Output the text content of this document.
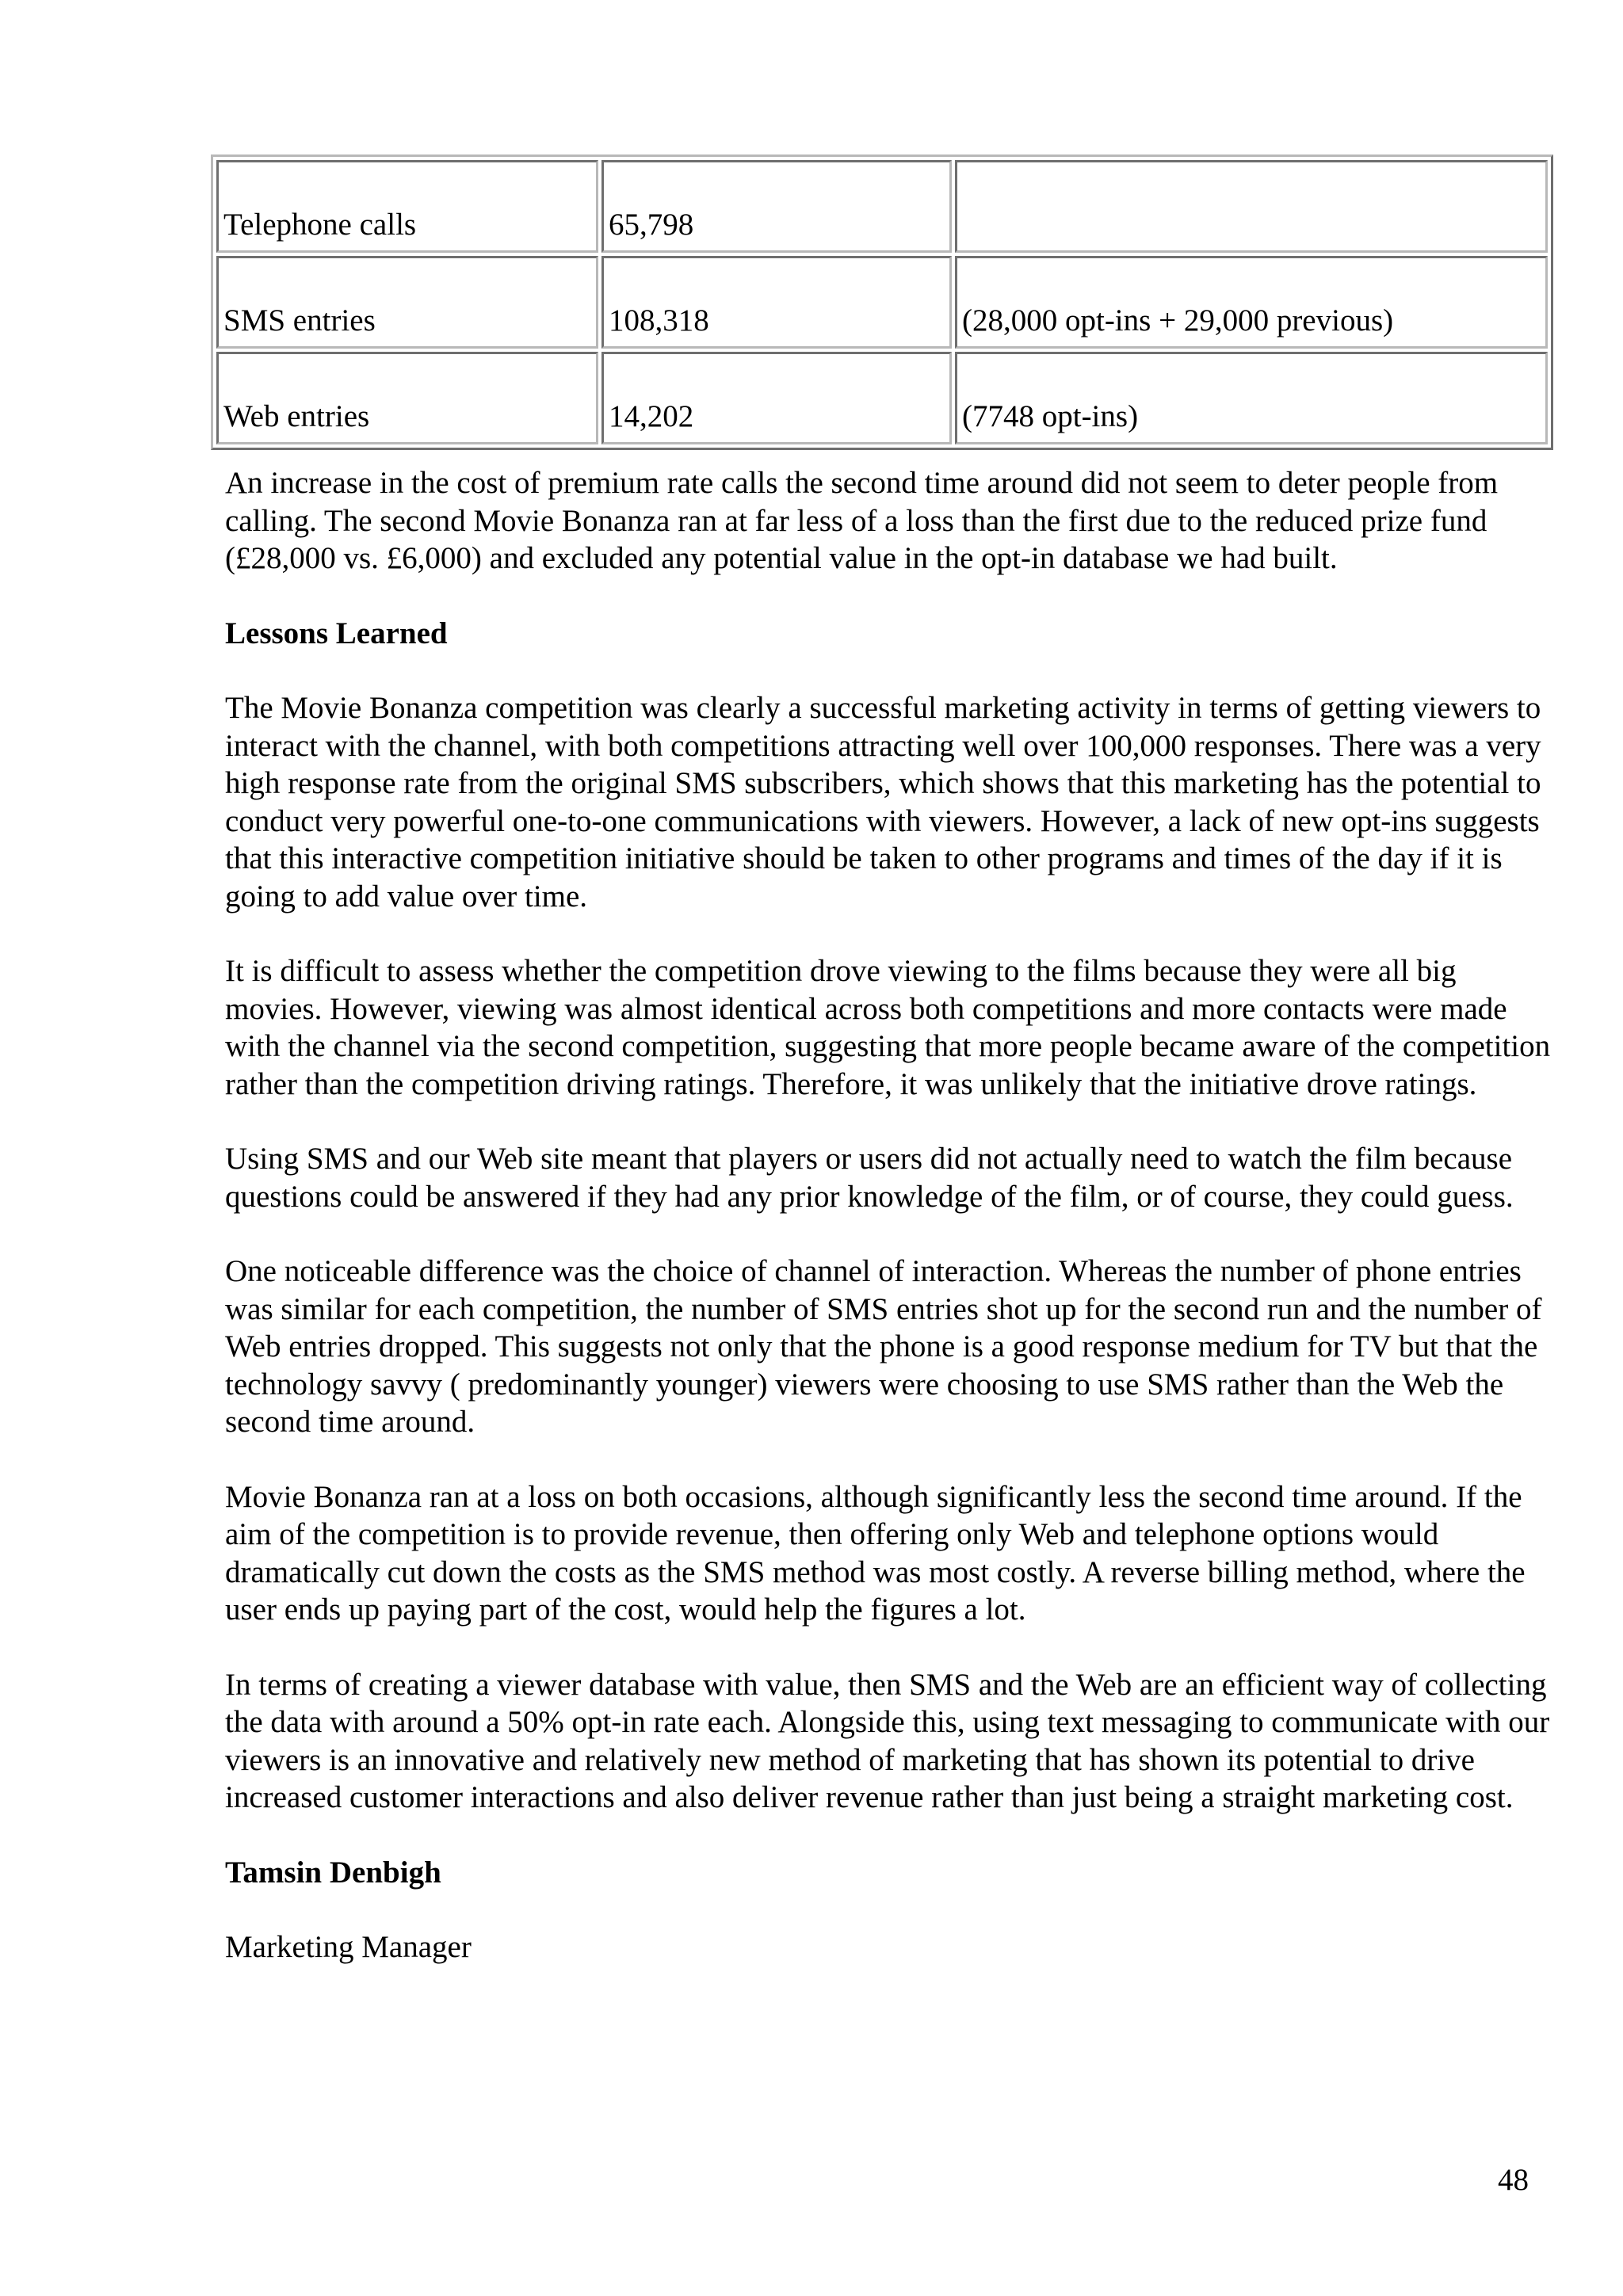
Telephone calls	65,798	
SMS entries	108,318	(28,000 opt-ins + 29,000 previous)
Web entries	14,202	(7748 opt-ins)

An increase in the cost of premium rate calls the second time around did not seem to deter people from calling. The second Movie Bonanza ran at far less of a loss than the first due to the reduced prize fund (£28,000 vs. £6,000) and excluded any potential value in the opt-in database we had built.

Lessons Learned

The Movie Bonanza competition was clearly a successful marketing activity in terms of getting viewers to interact with the channel, with both competitions attracting well over 100,000 responses. There was a very high response rate from the original SMS subscribers, which shows that this marketing has the potential to conduct very powerful one-to-one communications with viewers. However, a lack of new opt-ins suggests that this interactive competition initiative should be taken to other programs and times of the day if it is going to add value over time.

It is difficult to assess whether the competition drove viewing to the films because they were all big movies. However, viewing was almost identical across both competitions and more contacts were made with the channel via the second competition, suggesting that more people became aware of the competition rather than the competition driving ratings. Therefore, it was unlikely that the initiative drove ratings.

Using SMS and our Web site meant that players or users did not actually need to watch the film because questions could be answered if they had any prior knowledge of the film, or of course, they could guess.

One noticeable difference was the choice of channel of interaction. Whereas the number of phone entries was similar for each competition, the number of SMS entries shot up for the second run and the number of Web entries dropped. This suggests not only that the phone is a good response medium for TV but that the technology savvy ( predominantly younger) viewers were choosing to use SMS rather than the Web the second time around.

Movie Bonanza ran at a loss on both occasions, although significantly less the second time around. If the aim of the competition is to provide revenue, then offering only Web and telephone options would dramatically cut down the costs as the SMS method was most costly. A reverse billing method, where the user ends up paying part of the cost, would help the figures a lot.

In terms of creating a viewer database with value, then SMS and the Web are an efficient way of collecting the data with around a 50% opt-in rate each. Alongside this, using text messaging to communicate with our viewers is an innovative and relatively new method of marketing that has shown its potential to drive increased customer interactions and also deliver revenue rather than just being a straight marketing cost.

Tamsin Denbigh

Marketing Manager

48
